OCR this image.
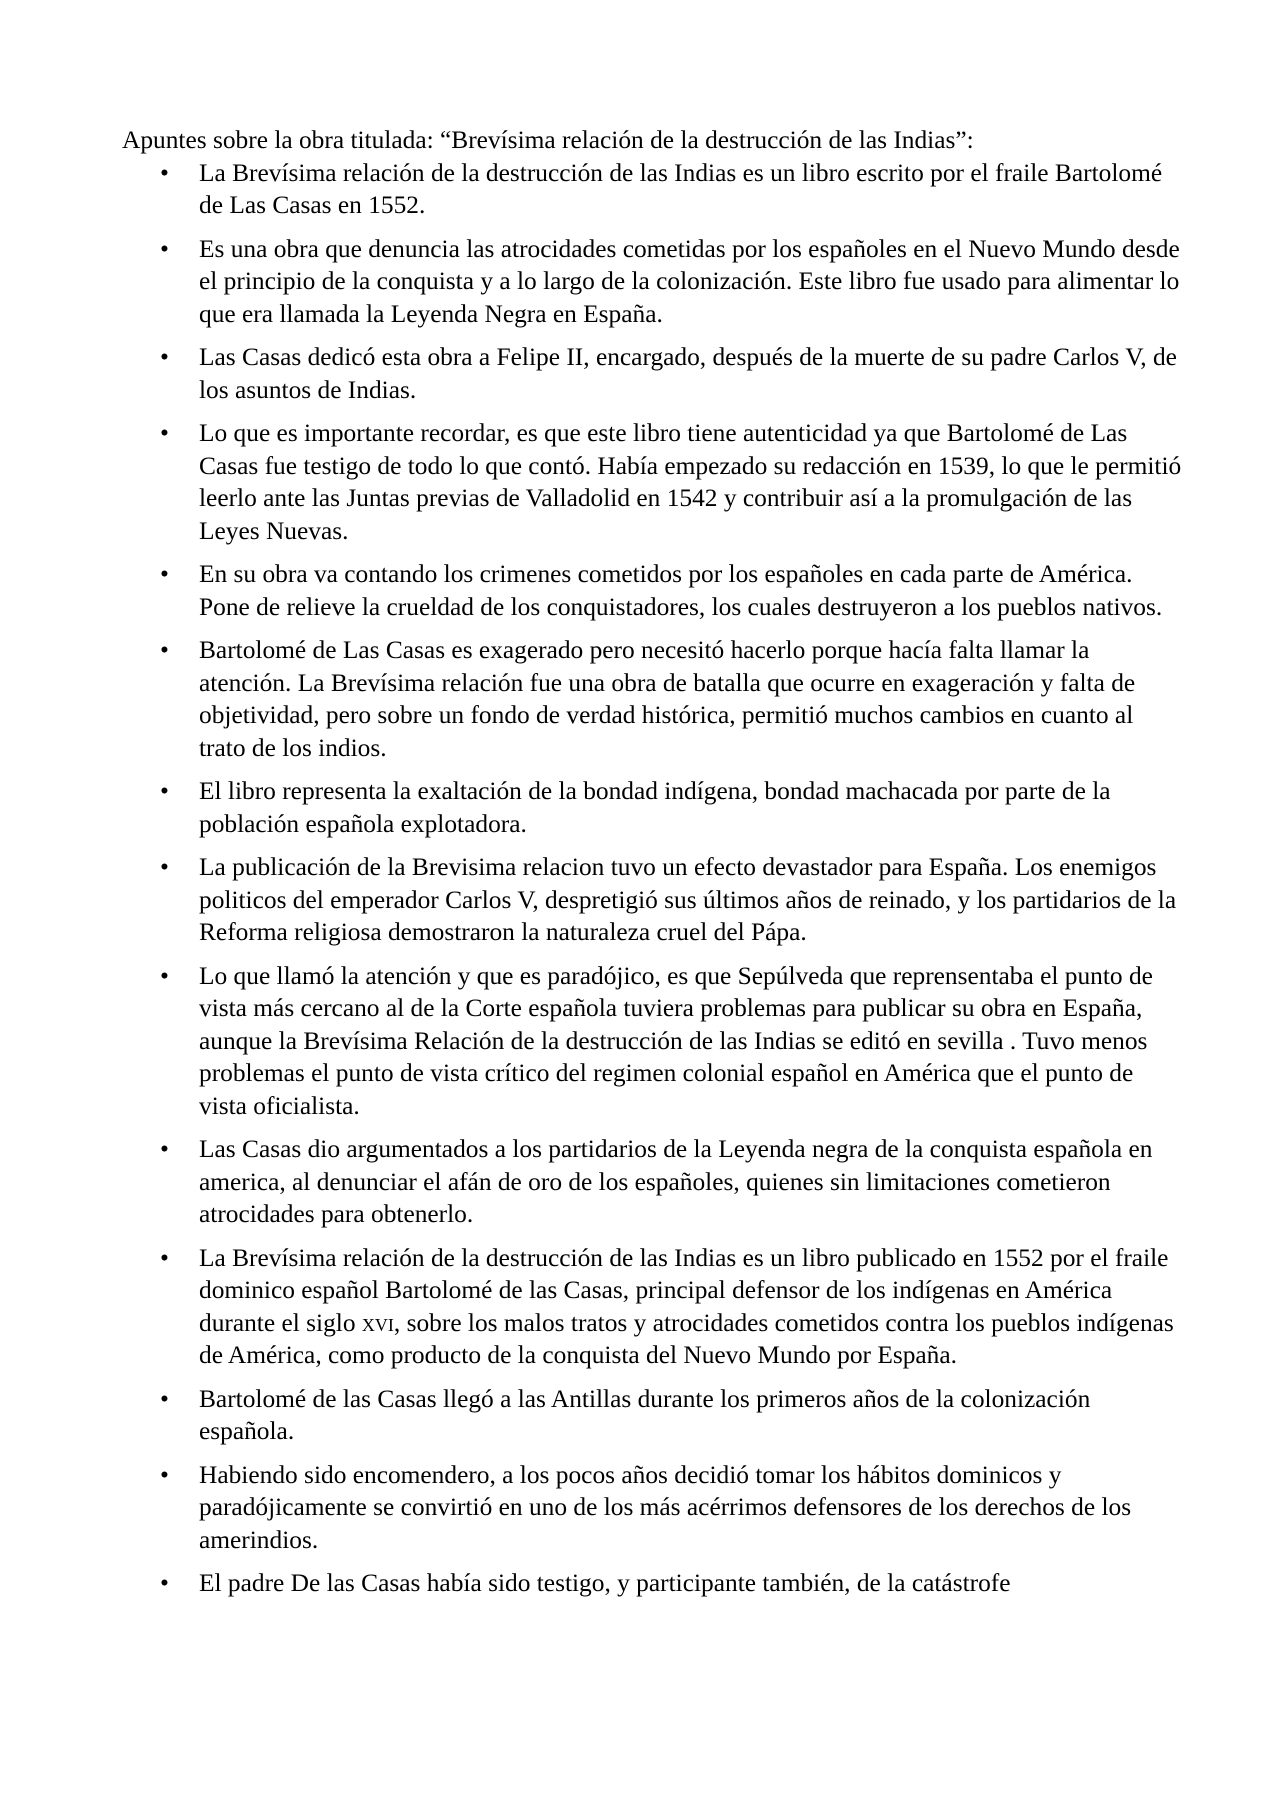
Apuntes sobre la obra titulada: “Brevísima relación de la destrucción de las Indias”:

•	La Brevísima relación de la destrucción de las Indias es un libro escrito por el fraile Bartolomé de Las Casas en 1552.
•	Es una obra que denuncia las atrocidades cometidas por los españoles en el Nuevo Mundo desde el principio de la conquista y a lo largo de la colonización. Este libro fue usado para alimentar lo que era llamada la Leyenda Negra en España.
•	Las Casas dedicó esta obra a Felipe II, encargado, después de la muerte de su padre Carlos V, de los asuntos de Indias.
•	Lo que es importante recordar, es que este libro tiene autenticidad ya que Bartolomé de Las Casas fue testigo de todo lo que contó. Había empezado su redacción en 1539, lo que le permitió leerlo ante las Juntas previas de Valladolid en 1542 y contribuir así a la promulgación de las Leyes Nuevas.
•	En su obra va contando los crimenes cometidos por los españoles en cada parte de América. Pone de relieve la crueldad de los conquistadores, los cuales destruyeron a los pueblos nativos.
•	Bartolomé de Las Casas es exagerado pero necesitó hacerlo porque hacía falta llamar la atención. La Brevísima relación fue una obra de batalla que ocurre en exageración y falta de objetividad, pero sobre un fondo de verdad histórica, permitió muchos cambios en cuanto al trato de los indios.
•	El libro representa la exaltación de la bondad indígena, bondad machacada por parte de la población española explotadora.
•	La publicación de la Brevisima relacion tuvo un efecto devastador para España. Los enemigos politicos del emperador Carlos V, despretigió sus últimos años de reinado, y los partidarios de la Reforma religiosa demostraron la naturaleza cruel del Pápa.
•	Lo que llamó la atención y que es paradójico, es que Sepúlveda que reprensentaba el punto de vista más cercano al de la Corte española tuviera problemas para publicar su obra en España, aunque la Brevísima Relación de la destrucción de las Indias se editó en sevilla . Tuvo menos problemas el punto de vista crítico del regimen colonial español en América que el punto de vista oficialista.
•	Las Casas dio argumentados a los partidarios de la Leyenda negra de la conquista española en america, al denunciar el afán de oro de los españoles, quienes sin limitaciones cometieron atrocidades para obtenerlo.
•	La Brevísima relación de la destrucción de las Indias es un libro publicado en 1552 por el fraile dominico español Bartolomé de las Casas, principal defensor de los indígenas en América durante el siglo xvi, sobre los malos tratos y atrocidades cometidos contra los pueblos indígenas de América, como producto de la conquista del Nuevo Mundo por España.
•	Bartolomé de las Casas llegó a las Antillas durante los primeros años de la colonización española.
•	Habiendo sido encomendero, a los pocos años decidió tomar los hábitos dominicos y paradójicamente se convirtió en uno de los más acérrimos defensores de los derechos de los amerindios.
•	El padre De las Casas había sido testigo, y participante también, de la catástrofe
